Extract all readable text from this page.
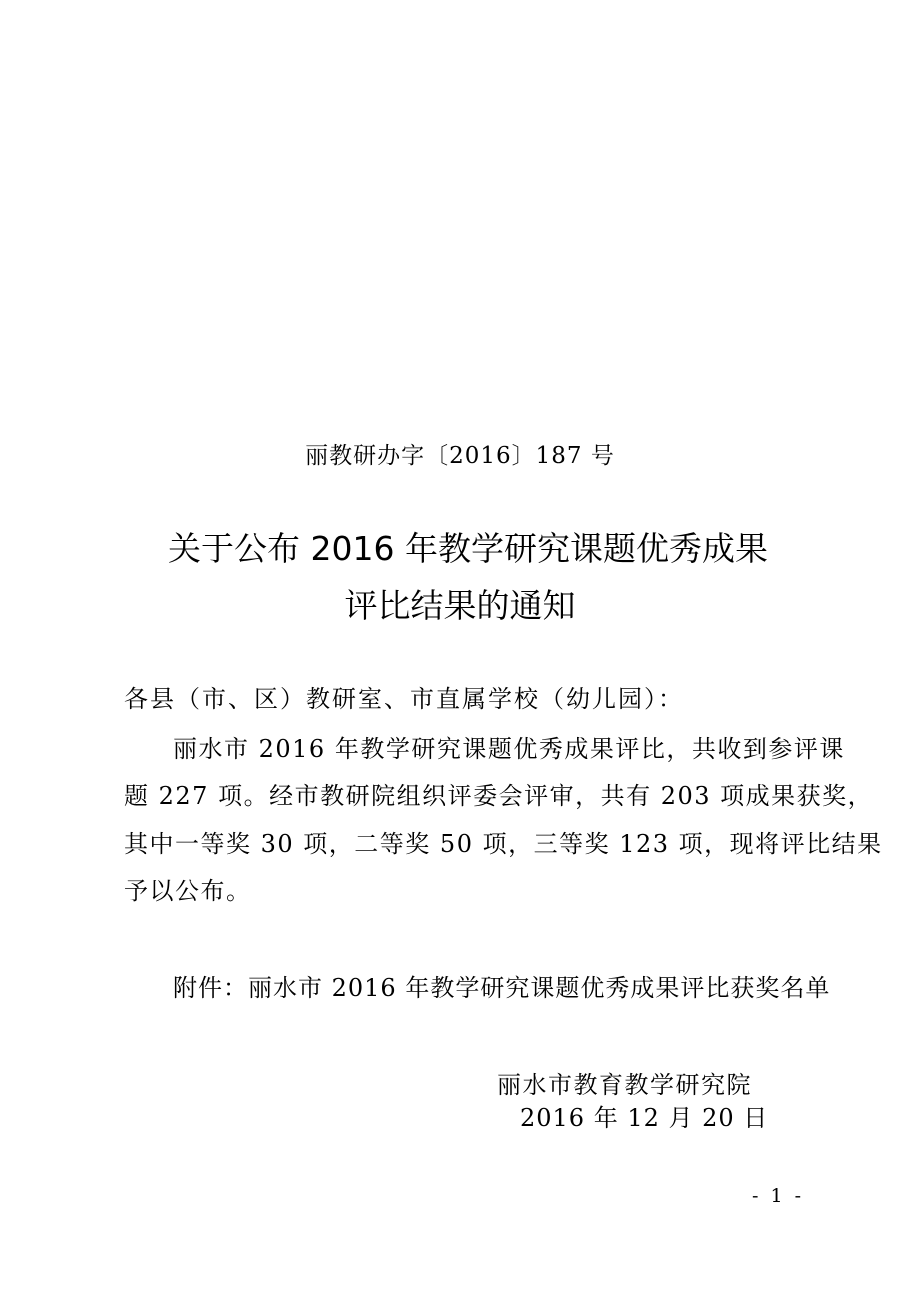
丽教研办字〔2016〕187 号
关于公布 2016 年教学研究课题优秀成果
评比结果的通知
各县（市、区）教研室、市直属学校（幼儿园）：
丽水市 2016 年教学研究课题优秀成果评比，共收到参评课
题 227 项。经市教研院组织评委会评审，共有 203 项成果获奖，
其中一等奖 30 项，二等奖 50 项，三等奖 123 项，现将评比结果
予以公布。
附件：丽水市 2016 年教学研究课题优秀成果评比获奖名单
丽水市教育教学研究院
2016 年 12 月 20 日
- 1 -
